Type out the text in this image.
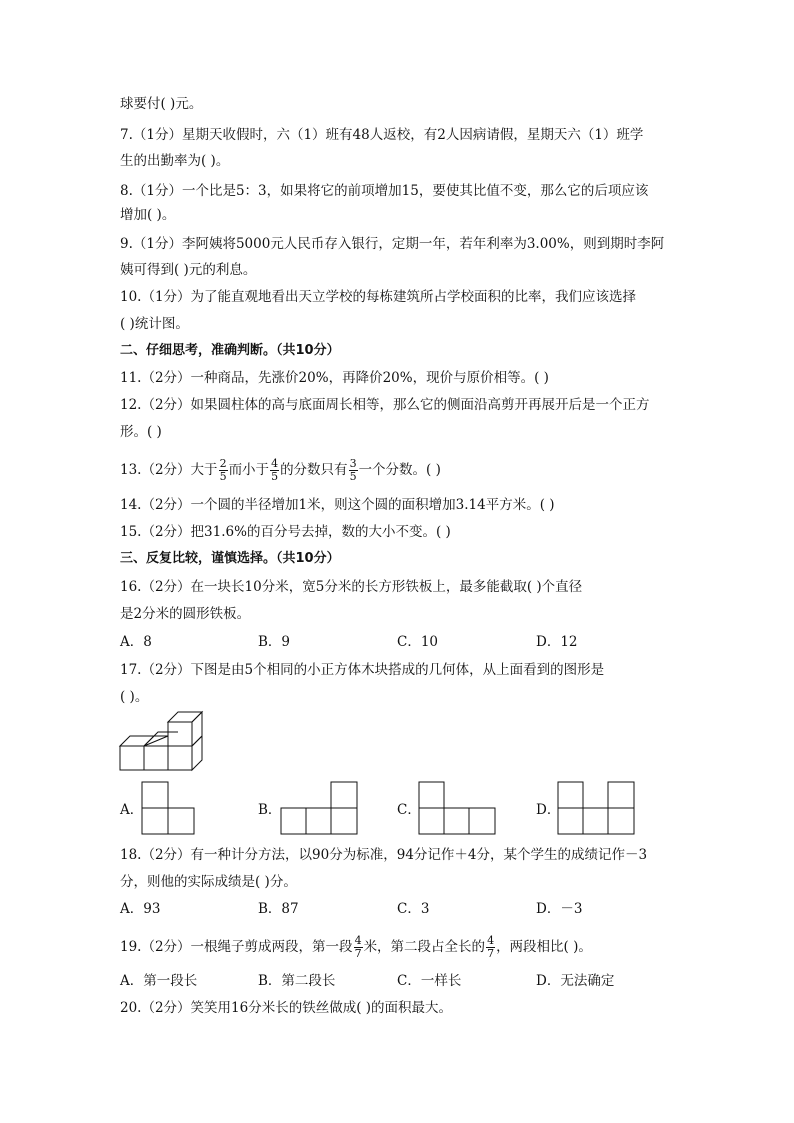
球要付( )元。
7.（1分）星期天收假时，六（1）班有48人返校，有2人因病请假，星期天六（1）班学
生的出勤率为( )。
8.（1分）一个比是5：3，如果将它的前项增加15，要使其比值不变，那么它的后项应该
增加( )。
9.（1分）李阿姨将5000元人民币存入银行，定期一年，若年利率为3.00%，则到期时李阿
姨可得到( )元的利息。
10.（1分）为了能直观地看出天立学校的每栋建筑所占学校面积的比率，我们应该选择
( )统计图。
二、仔细思考，准确判断。（共10分）
11.（2分）一种商品，先涨价20%，再降价20%，现价与原价相等。( )
12.（2分）如果圆柱体的高与底面周长相等，那么它的侧面沿高剪开再展开后是一个正方
形。( )
13.（2分）大于 $\frac{2}{5}$ 而小于 $\frac{4}{5}$ 的分数只有 $\frac{3}{5}$ 一个分数。( )
14.（2分）一个圆的半径增加1米，则这个圆的面积增加3.14平方米。( )
15.（2分）把31.6%的百分号去掉，数的大小不变。( )
三、反复比较，谨慎选择。（共10分）
16.（2分）在一块长10分米，宽5分米的长方形铁板上，最多能截取( )个直径
是2分米的圆形铁板。
A．8	B．9	C．10	D．12
17.（2分）下图是由5个相同的小正方体木块搭成的几何体，从上面看到的图形是
( )。
A．	B．	C．	D．
18.（2分）有一种计分方法，以90分为标准，94分记作＋4分，某个学生的成绩记作－3
分，则他的实际成绩是( )分。
A．93	B．87	C．3	D．－3
19.（2分）一根绳子剪成两段，第一段 $\frac{4}{7}$ 米，第二段占全长的 $\frac{4}{7}$ ，两段相比( )。
A．第一段长	B．第二段长	C．一样长	D．无法确定
20.（2分）笑笑用16分米长的铁丝做成( )的面积最大。
